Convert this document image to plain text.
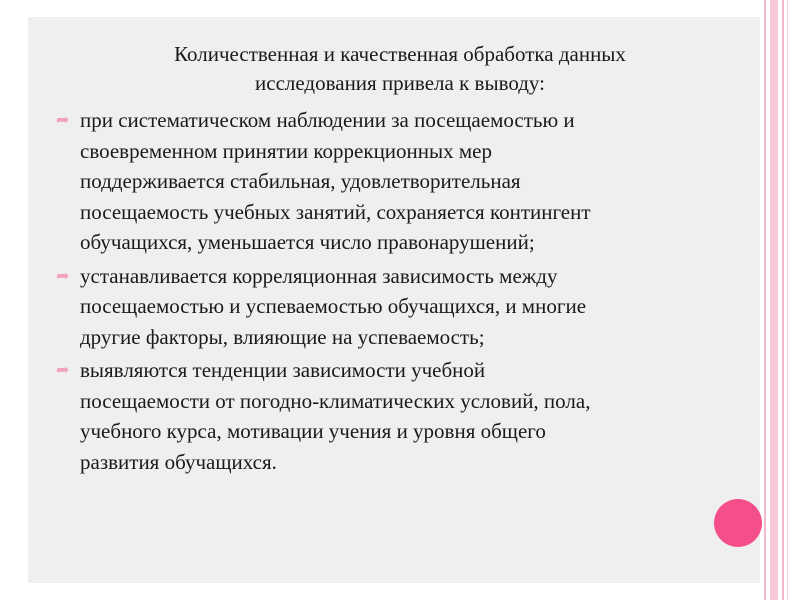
Количественная и качественная обработка данных
исследования привела к выводу:
➦ при систематическом наблюдении за посещаемостью и
своевременном принятии коррекционных мер
поддерживается стабильная, удовлетворительная
посещаемость учебных занятий, сохраняется контингент
обучащихся, уменьшается число правонарушений;
➦ устанавливается корреляционная зависимость между
посещаемостью и успеваемостью обучащихся, и многие
другие факторы, влияющие на успеваемость;
➦ выявляются тенденции зависимости учебной
посещаемости от погодно-климатических условий, пола,
учебного курса, мотивации учения и уровня общего
развития обучащихся.
